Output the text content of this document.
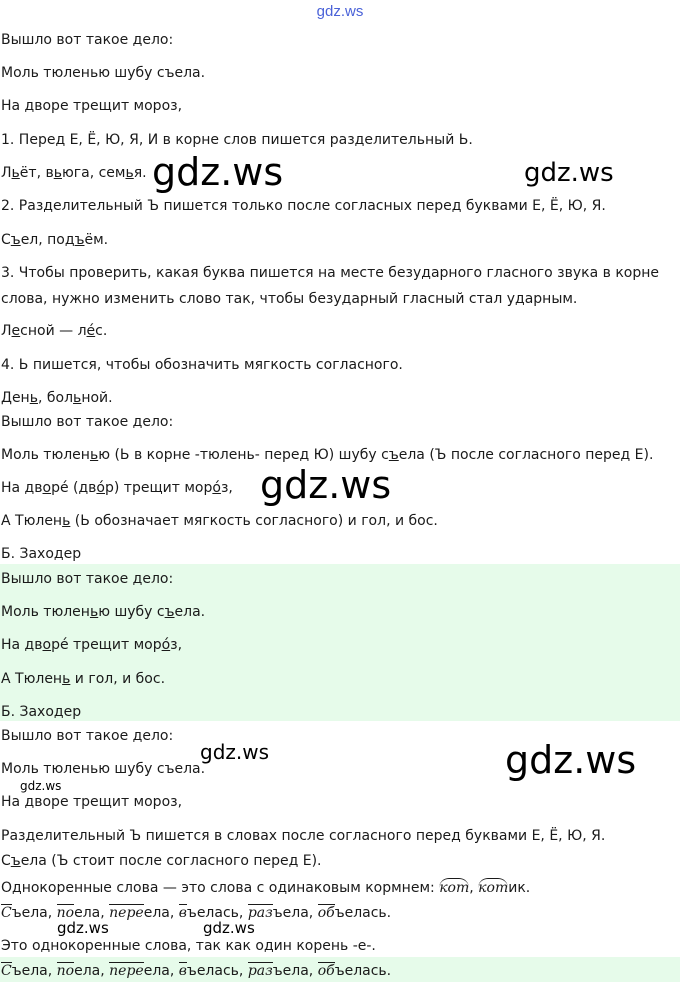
gdz.ws
Вышло вот такое дело:
Моль тюленью шубу съела.
На дворе трещит мороз,
1. Перед Е, Ё, Ю, Я, И в корне слов пишется разделительный Ь.
Льёт, вьюга, семья.
2. Разделительный Ъ пишется только после согласных перед буквами Е, Ё, Ю, Я.
Съел, подъём.
3. Чтобы проверить, какая буква пишется на месте безударного гласного звука в корне
слова, нужно изменить слово так, чтобы безударный гласный стал ударным.
Лесной — ле ́с.
4. Ь пишется, чтобы обозначить мягкость согласного.
День, больной.
Вышло вот такое дело:
Моль тюленью (Ь в корне -тюлень- перед Ю) шубу съела (Ъ после согласного перед Е).
На дворе ́ (дво ́р) трещит моро ́з,
А Тюлень (Ь обозначает мягкость согласного) и гол, и бос.
Б. Заходер
Вышло вот такое дело:
Моль тюленью шубу съела.
На дворе ́ трещит моро ́з,
А Тюлень и гол, и бос.
Б. Заходер
Вышло вот такое дело:
Моль тюленью шубу съела.
На дворе трещит мороз,
Разделительный Ъ пишется в словах после согласного перед буквами Е, Ё, Ю, Я.
Съела (Ъ стоит после согласного перед Е).
Однокоренные слова — это слова с одинаковым кормнем: кот, котик.
Съела, поела, переела, въелась, разъела, объелась.
Это однокоренные слова, так как один корень -е-.
Съела, поела, переела, въелась, разъела, объелась.
gdz.ws	gdz.ws
gdz.ws
gdz.ws	gdz.ws
gdz.ws
gdz.ws	gdz.ws
